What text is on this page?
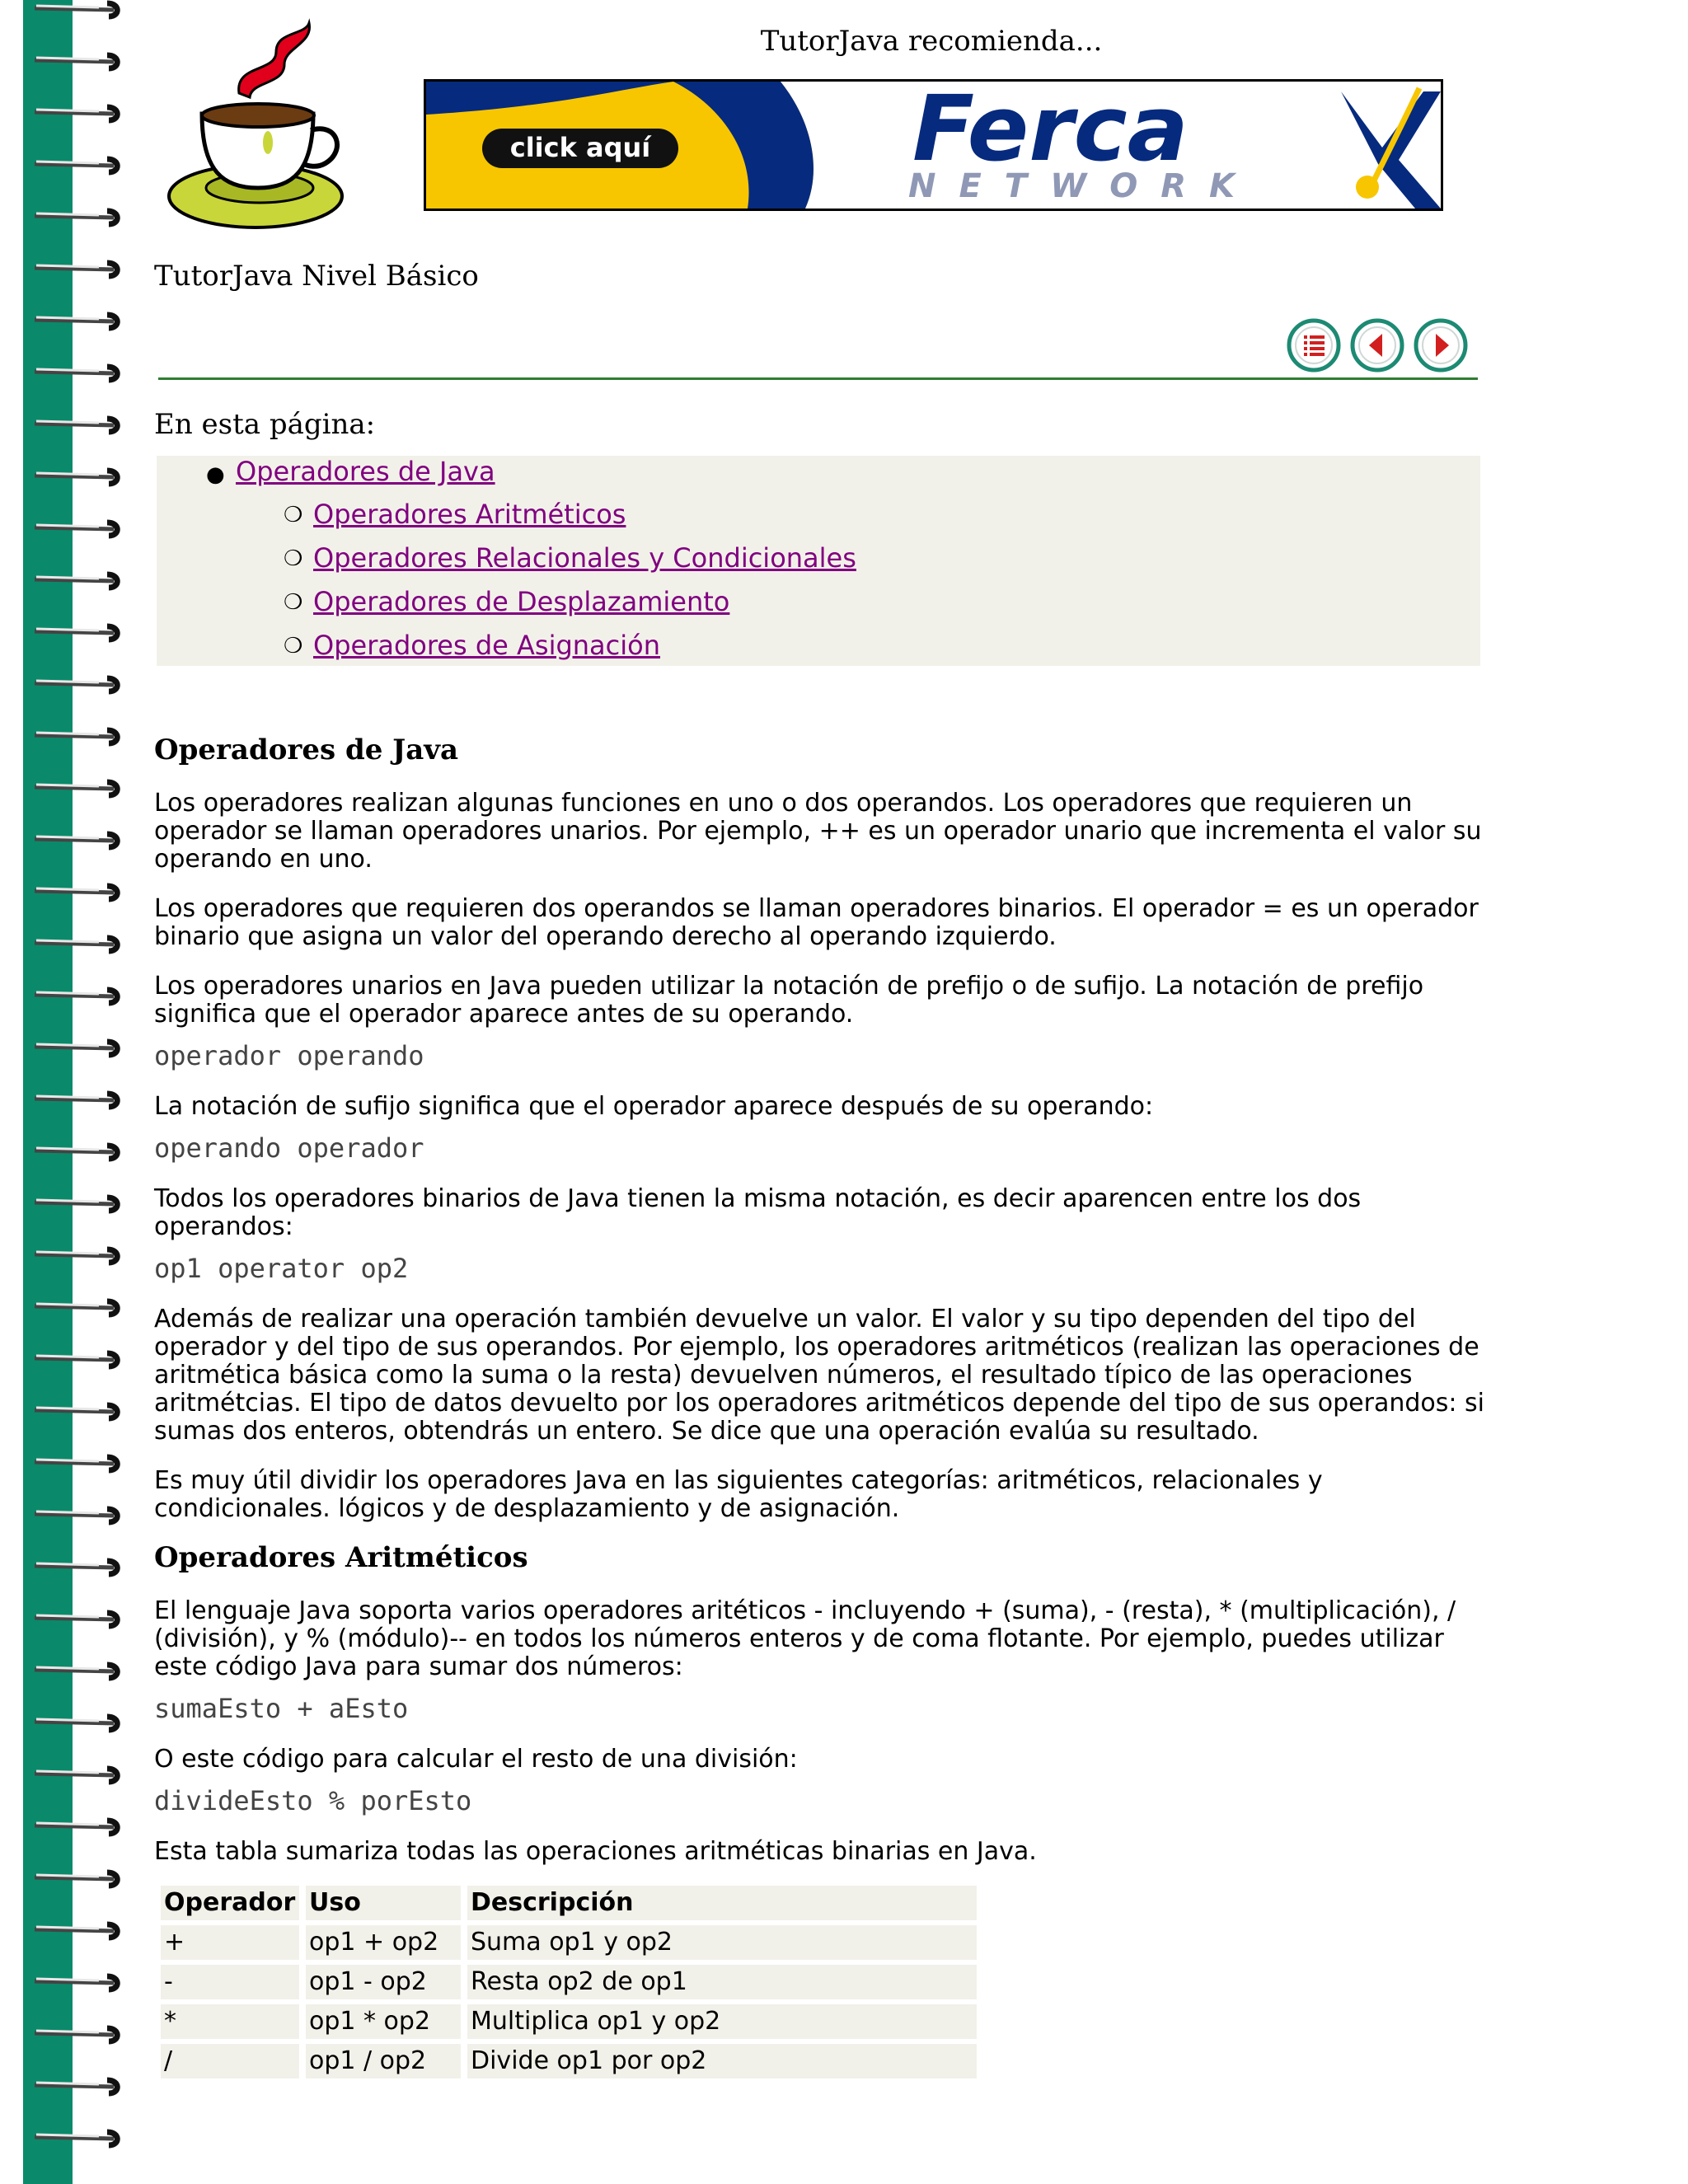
TutorJava recomienda...
click aquí	Ferca
NETWORK
TutorJava Nivel Básico
En esta página:
● Operadores de Java
❍ Operadores Aritméticos
❍ Operadores Relacionales y Condicionales
❍ Operadores de Desplazamiento
❍ Operadores de Asignación
Operadores de Java

Los operadores realizan algunas funciones en uno o dos operandos. Los operadores que requieren un operador se llaman operadores unarios. Por ejemplo, ++ es un operador unario que incrementa el valor su operando en uno.

Los operadores que requieren dos operandos se llaman operadores binarios. El operador = es un operador binario que asigna un valor del operando derecho al operando izquierdo.

Los operadores unarios en Java pueden utilizar la notación de prefijo o de sufijo. La notación de prefijo significa que el operador aparece antes de su operando.

operador operando

La notación de sufijo significa que el operador aparece después de su operando:

operando operador

Todos los operadores binarios de Java tienen la misma notación, es decir aparencen entre los dos operandos:

op1 operator op2

Además de realizar una operación también devuelve un valor. El valor y su tipo dependen del tipo del operador y del tipo de sus operandos. Por ejemplo, los operadores aritméticos (realizan las operaciones de aritmética básica como la suma o la resta) devuelven números, el resultado típico de las operaciones aritmétcias. El tipo de datos devuelto por los operadores aritméticos depende del tipo de sus operandos: si sumas dos enteros, obtendrás un entero. Se dice que una operación evalúa su resultado.

Es muy útil dividir los operadores Java en las siguientes categorías: aritméticos, relacionales y condicionales. lógicos y de desplazamiento y de asignación.

Operadores Aritméticos

El lenguaje Java soporta varios operadores aritéticos - incluyendo + (suma), - (resta), * (multiplicación), / (división), y % (módulo)-- en todos los números enteros y de coma flotante. Por ejemplo, puedes utilizar este código Java para sumar dos números:

sumaEsto + aEsto

O este código para calcular el resto de una división:

divideEsto % porEsto

Esta tabla sumariza todas las operaciones aritméticas binarias en Java.

Operador	Uso	Descripción
+	op1 + op2	Suma op1 y op2
-	op1 - op2	Resta op2 de op1
*	op1 * op2	Multiplica op1 y op2
/	op1 / op2	Divide op1 por op2
